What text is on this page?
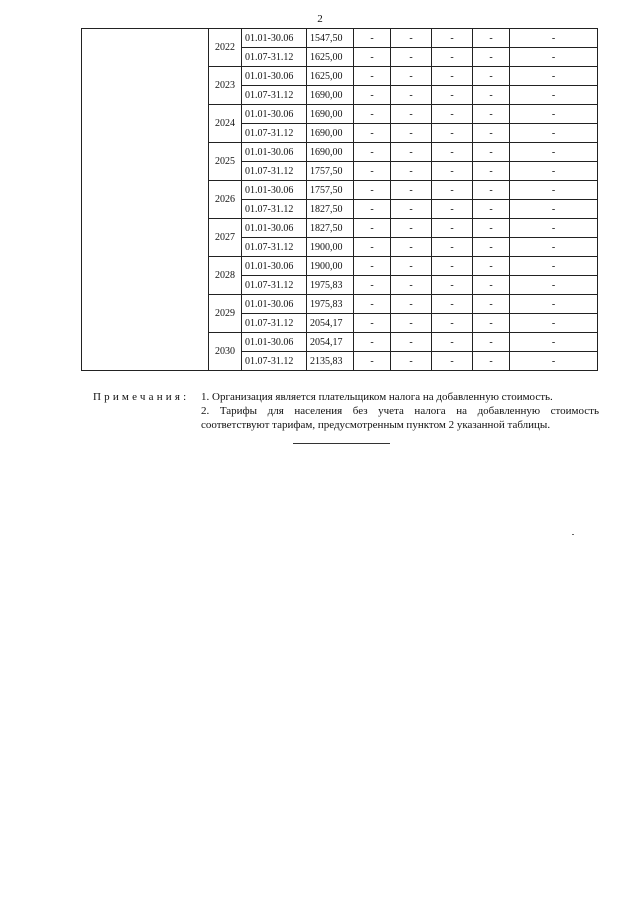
2
	2022	01.01-30.06	1547,50	-	-	-	-	-
		01.07-31.12	1625,00	-	-	-	-	-
	2023	01.01-30.06	1625,00	-	-	-	-	-
		01.07-31.12	1690,00	-	-	-	-	-
	2024	01.01-30.06	1690,00	-	-	-	-	-
		01.07-31.12	1690,00	-	-	-	-	-
	2025	01.01-30.06	1690,00	-	-	-	-	-
		01.07-31.12	1757,50	-	-	-	-	-
	2026	01.01-30.06	1757,50	-	-	-	-	-
		01.07-31.12	1827,50	-	-	-	-	-
	2027	01.01-30.06	1827,50	-	-	-	-	-
		01.07-31.12	1900,00	-	-	-	-	-
	2028	01.01-30.06	1900,00	-	-	-	-	-
		01.07-31.12	1975,83	-	-	-	-	-
	2029	01.01-30.06	1975,83	-	-	-	-	-
		01.07-31.12	2054,17	-	-	-	-	-
	2030	01.01-30.06	2054,17	-	-	-	-	-
		01.07-31.12	2135,83	-	-	-	-	-
Примечания: 1. Организация является плательщиком налога на добавленную стоимость.
2. Тарифы для населения без учета налога на добавленную стоимость соответствуют тарифам, предусмотренным пунктом 2 указанной таблицы.
